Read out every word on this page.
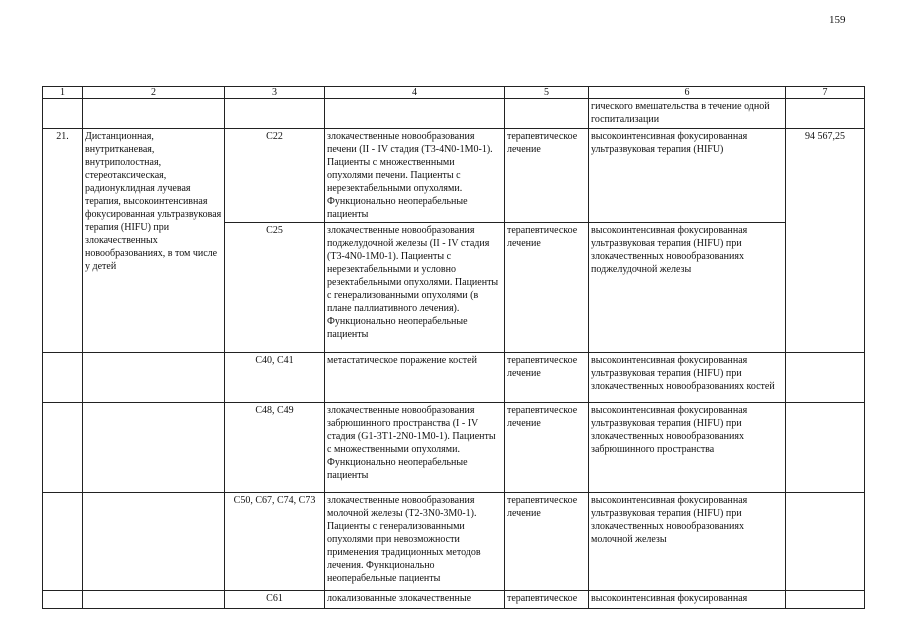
159
1	2	3	4	5	6	7
					гического вмешательства в течение одной госпитализации	
21.	Дистанционная, внутритканевая, внутриполостная, стереотаксическая, радионуклидная лучевая терапия, высокоинтенсивная фокусированная ультразвуковая терапия (HIFU) при злокачественных новообразованиях, в том числе у детей	C22	злокачественные новообразования печени (II - IV стадия (T3-4N0-1M0-1). Пациенты с множественными опухолями печени. Пациенты с нерезектабельными опухолями. Функционально неоперабельные пациенты	терапевтическое лечение	высокоинтенсивная фокусированная ультразвуковая терапия (HIFU)	94 567,25
		C25	злокачественные новообразования поджелудочной железы (II - IV стадия (T3-4N0-1M0-1). Пациенты с нерезектабельными и условно резектабельными опухолями. Пациенты с генерализованными опухолями (в плане паллиативного лечения). Функционально неоперабельные пациенты	терапевтическое лечение	высокоинтенсивная фокусированная ультразвуковая терапия (HIFU) при злокачественных новообразованиях поджелудочной железы	
		C40, C41	метастатическое поражение костей	терапевтическое лечение	высокоинтенсивная фокусированная ультразвуковая терапия (HIFU) при злокачественных новообразованиях костей	
		C48, C49	злокачественные новообразования забрюшинного пространства (I - IV стадия (G1-3T1-2N0-1M0-1). Пациенты с множественными опухолями. Функционально неоперабельные пациенты	терапевтическое лечение	высокоинтенсивная фокусированная ультразвуковая терапия (HIFU) при злокачественных новообразованиях забрюшинного пространства	
		C50, C67, C74, C73	злокачественные новообразования молочной железы (T2-3N0-3M0-1). Пациенты с генерализованными опухолями при невозможности применения традиционных методов лечения. Функционально неоперабельные пациенты	терапевтическое лечение	высокоинтенсивная фокусированная ультразвуковая терапия (HIFU) при злокачественных новообразованиях молочной железы	
		C61	локализованные злокачественные	терапевтическое	высокоинтенсивная фокусированная	
